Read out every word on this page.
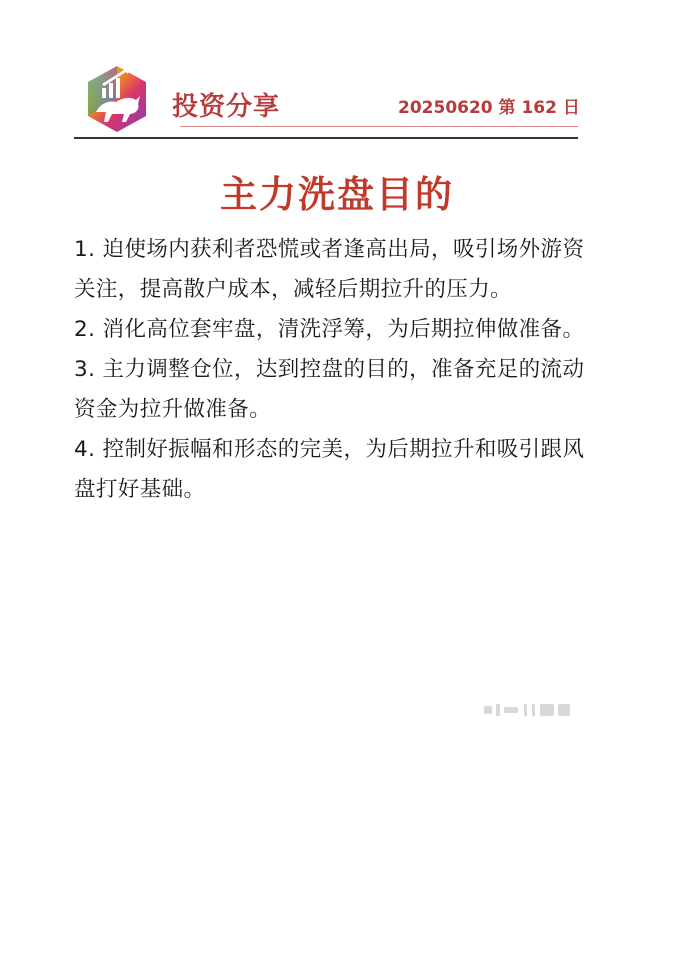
投资分享	20250620 第 162 日
主力洗盘目的
1. 迫使场内获利者恐慌或者逢高出局，吸引场外游资关注，提高散户成本，减轻后期拉升的压力。
2. 消化高位套牢盘，清洗浮筹，为后期拉伸做准备。
3. 主力调整仓位，达到控盘的目的，准备充足的流动资金为拉升做准备。
4. 控制好振幅和形态的完美，为后期拉升和吸引跟风盘打好基础。
